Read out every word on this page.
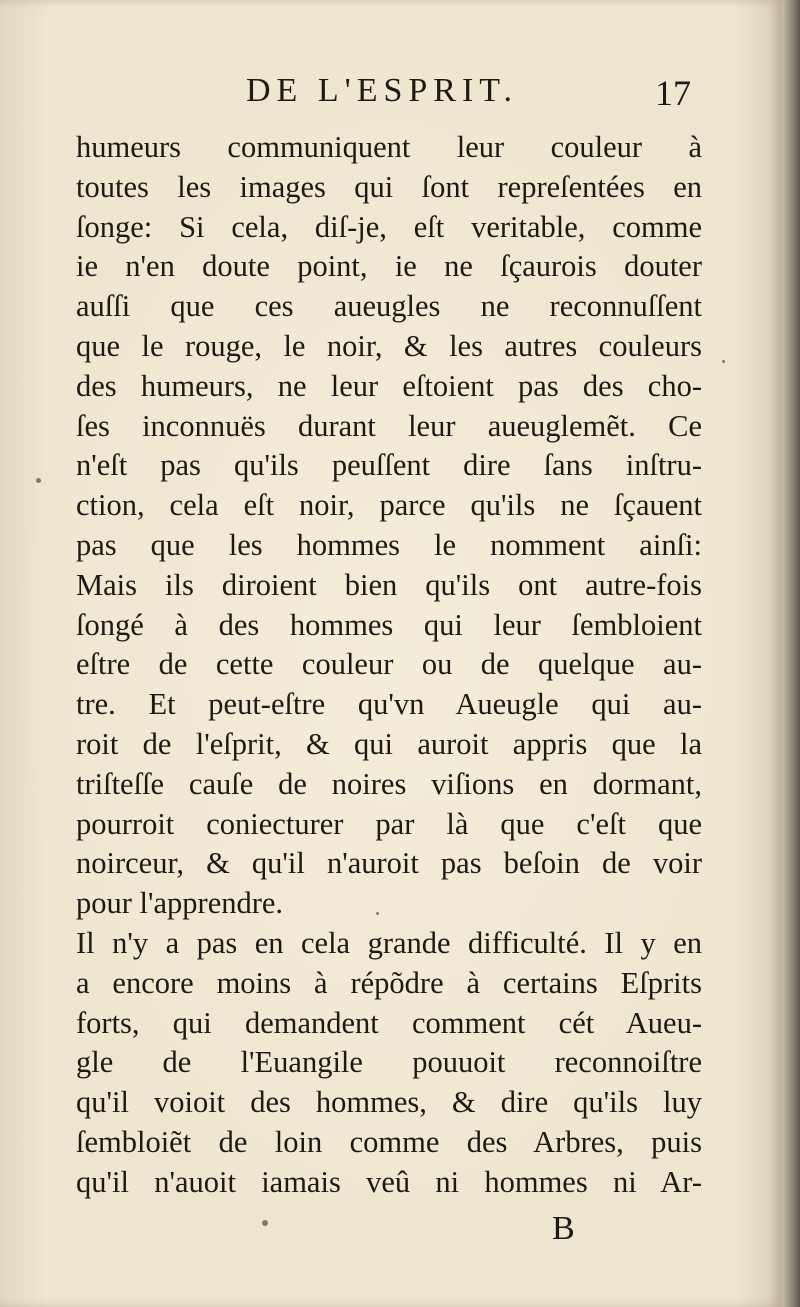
DE L'ESPRIT.	17
humeurs communiquent leur couleur à
toutes les images qui ſont repreſentées en
ſonge: Si cela, diſ-je, eſt veritable, comme
ie n'en doute point, ie ne ſçaurois douter
auſſi que ces aueugles ne reconnuſſent
que le rouge, le noir, & les autres couleurs
des humeurs, ne leur eſtoient pas des cho-
ſes inconnuës durant leur aueuglemẽt. Ce
n'eſt pas qu'ils peuſſent dire ſans inſtru-
ction, cela eſt noir, parce qu'ils ne ſçauent
pas que les hommes le nomment ainſi:
Mais ils diroient bien qu'ils ont autre-fois
ſongé à des hommes qui leur ſembloient
eſtre de cette couleur ou de quelque au-
tre. Et peut-eſtre qu'vn Aueugle qui au-
roit de l'eſprit, & qui auroit appris que la
triſteſſe cauſe de noires viſions en dormant,
pourroit coniecturer par là que c'eſt que
noirceur, & qu'il n'auroit pas beſoin de voir
pour l'apprendre.
Il n'y a pas en cela grande difficulté. Il y en
a encore moins à répõdre à certains Eſprits
forts, qui demandent comment cét Aueu-
gle de l'Euangile pouuoit reconnoiſtre
qu'il voioit des hommes, & dire qu'ils luy
ſembloiẽt de loin comme des Arbres, puis
qu'il n'auoit iamais veû ni hommes ni Ar-
B
